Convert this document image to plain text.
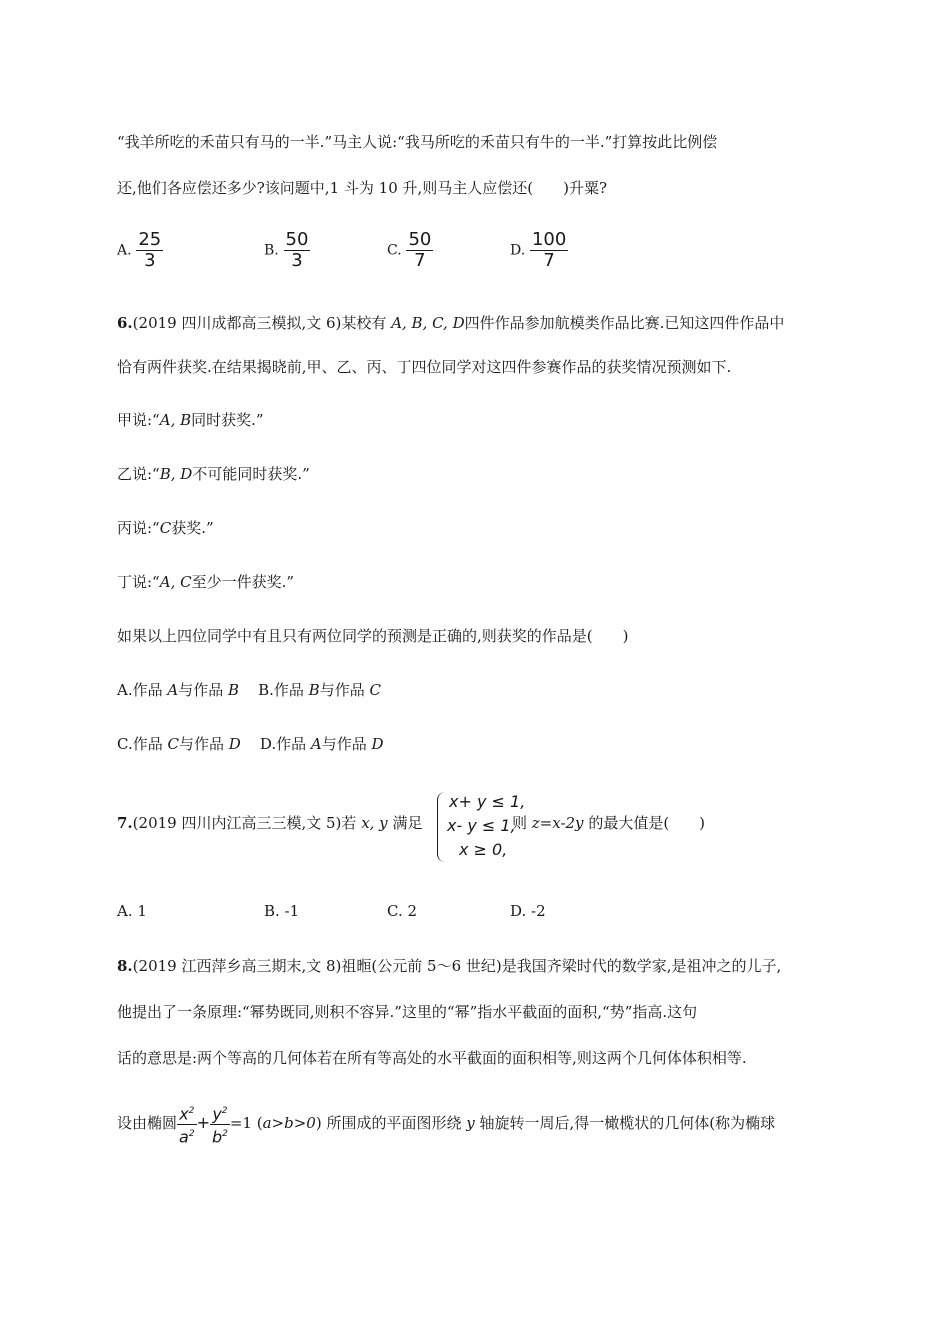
“我羊所吃的禾苗只有马的一半.”马主人说:“我马所吃的禾苗只有牛的一半.”打算按此比例偿
还,他们各应偿还多少?该问题中,1 斗为 10 升,则马主人应偿还(　　)升粟?
A. $\frac{25}{3}$	B. $\frac{50}{3}$	C. $\frac{50}{7}$	D. $\frac{100}{7}$
6.(2019 四川成都高三模拟,文 6)某校有 A, B, C, D四件作品参加航模类作品比赛.已知这四件作品中
恰有两件获奖.在结果揭晓前,甲、乙、丙、丁四位同学对这四件参赛作品的获奖情况预测如下.
甲说:“A, B同时获奖.”
乙说:“B, D不可能同时获奖.”
丙说:“C获奖.”
丁说:“A, C至少一件获奖.”
如果以上四位同学中有且只有两位同学的预测是正确的,则获奖的作品是(　　)
A.作品 A与作品 B B.作品 B与作品 C
C.作品 C与作品 D D.作品 A与作品 D
7.(2019 四川内江高三三模,文 5)若 x, y 满足
x+ y ≤ 1,
x- y ≤ 1,
x ≥ 0,
则 z=x-2y 的最大值是(　　)
A. 1	B. -1	C. 2	D. -2
8.(2019 江西萍乡高三期末,文 8)祖暅(公元前 5～6 世纪)是我国齐梁时代的数学家,是祖冲之的儿子,
他提出了一条原理:“幂势既同,则积不容异.”这里的“幂”指水平截面的面积,“势”指高.这句
话的意思是:两个等高的几何体若在所有等高处的水平截面的面积相等,则这两个几何体体积相等.
设由椭圆 $\frac{x^2}{a^2} + \frac{y^2}{b^2} =1$ (a>b>0) 所围成的平面图形绕 y 轴旋转一周后,得一橄榄状的几何体(称为椭球
